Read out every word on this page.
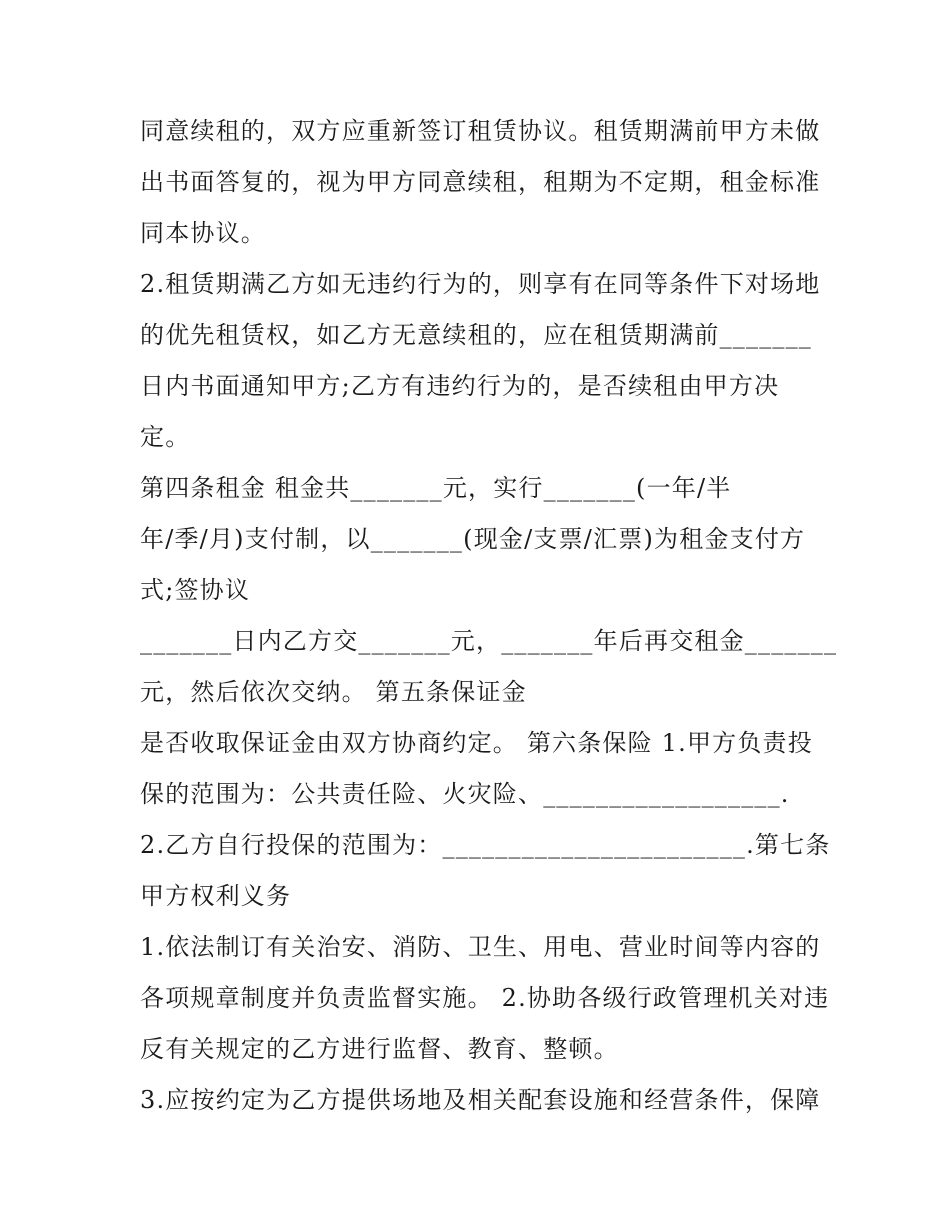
同意续租的，双方应重新签订租赁协议。租赁期满前甲方未做
出书面答复的，视为甲方同意续租，租期为不定期，租金标准
同本协议。
2.租赁期满乙方如无违约行为的，则享有在同等条件下对场地
的优先租赁权，如乙方无意续租的，应在租赁期满前_______
日内书面通知甲方;乙方有违约行为的，是否续租由甲方决
定。
第四条租金 租金共_______元，实行_______(一年/半
年/季/月)支付制，以_______(现金/支票/汇票)为租金支付方
式;签协议
_______日内乙方交_______元，_______年后再交租金_______
元，然后依次交纳。 第五条保证金
是否收取保证金由双方协商约定。 第六条保险 1.甲方负责投
保的范围为：公共责任险、火灾险、__________________.
2.乙方自行投保的范围为：_______________________.第七条
甲方权利义务
1.依法制订有关治安、消防、卫生、用电、营业时间等内容的
各项规章制度并负责监督实施。 2.协助各级行政管理机关对违
反有关规定的乙方进行监督、教育、整顿。
3.应按约定为乙方提供场地及相关配套设施和经营条件，保障
